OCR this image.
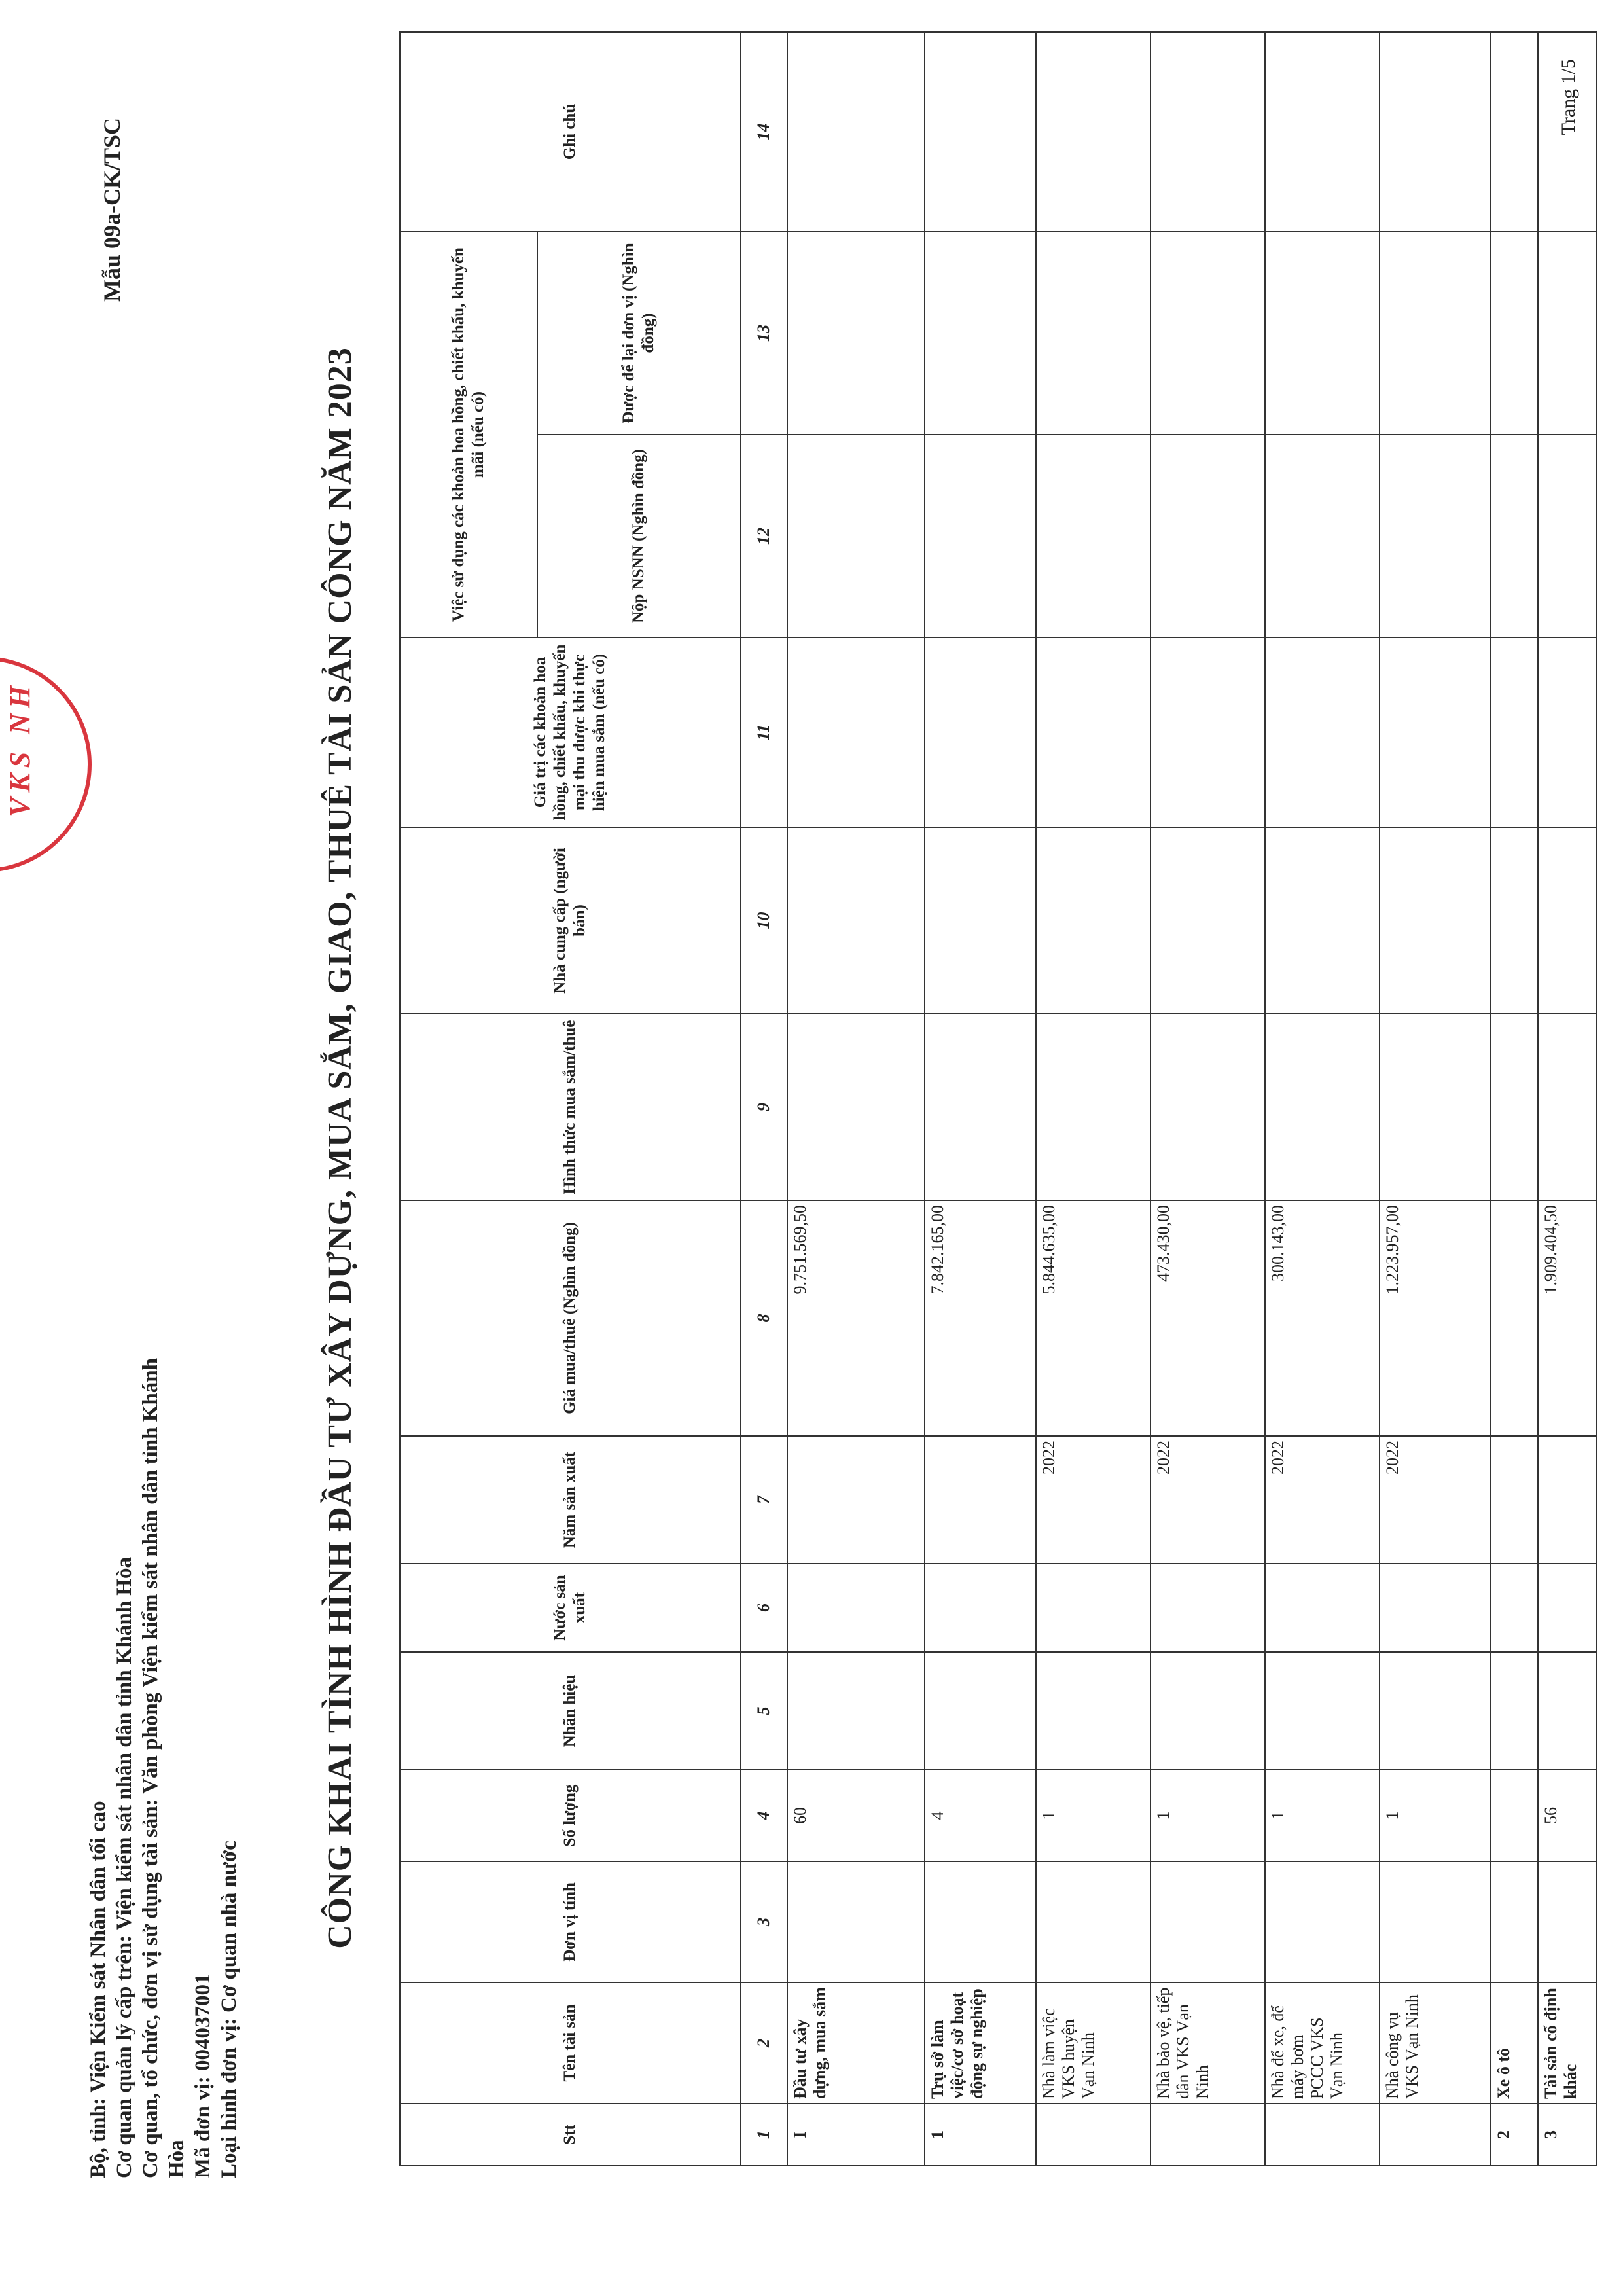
VKS NH
Bộ, tỉnh: Viện Kiểm sát Nhân dân tối cao Cơ quan quản lý cấp trên: Viện kiểm sát nhân dân tỉnh Khánh Hòa Cơ quan, tổ chức, đơn vị sử dụng tài sản: Văn phòng Viện kiểm sát nhân dân tỉnh Khánh Hòa Mã đơn vị: 004037001 Loại hình đơn vị: Cơ quan nhà nước
Mẫu 09a-CK/TSC
CÔNG KHAI TÌNH HÌNH ĐẦU TƯ XÂY DỰNG, MUA SẮM, GIAO, THUÊ TÀI SẢN CÔNG NĂM 2023
Stt	Tên tài sản	Đơn vị tính	Số lượng	Nhãn hiệu	Nước sản xuất	Năm sản xuất	Giá mua/thuê (Nghìn đồng)	Hình thức mua sắm/thuê	Nhà cung cấp (người bán)	Giá trị các khoản hoa hồng, chiết khấu, khuyến mại thu được khi thực hiện mua sắm (nếu có)	Việc sử dụng các khoản hoa hồng, chiết khấu, khuyến mãi (nếu có)		Ghi chú
											Nộp NSNN (Nghìn đồng)	Được để lại đơn vị (Nghìn đồng)	
1	2	3	4	5	6	7	8	9	10	11	12	13	14
I	Đầu tư xây dựng, mua sắm		60				9.751.569,50						
1	Trụ sở làm việc/cơ sở hoạt động sự nghiệp		4				7.842.165,00						
	Nhà làm việc VKS huyện Vạn Ninh		1			2022	5.844.635,00						
	Nhà bảo vệ, tiếp dân VKS Vạn Ninh		1			2022	473.430,00						
	Nhà để xe, để máy bơm PCCC VKS Vạn Ninh		1			2022	300.143,00						
	Nhà công vụ VKS Vạn Ninh		1			2022	1.223.957,00						
2	Xe ô tô												
3	Tài sản cố định khác		56				1.909.404,50						
Trang 1/5
